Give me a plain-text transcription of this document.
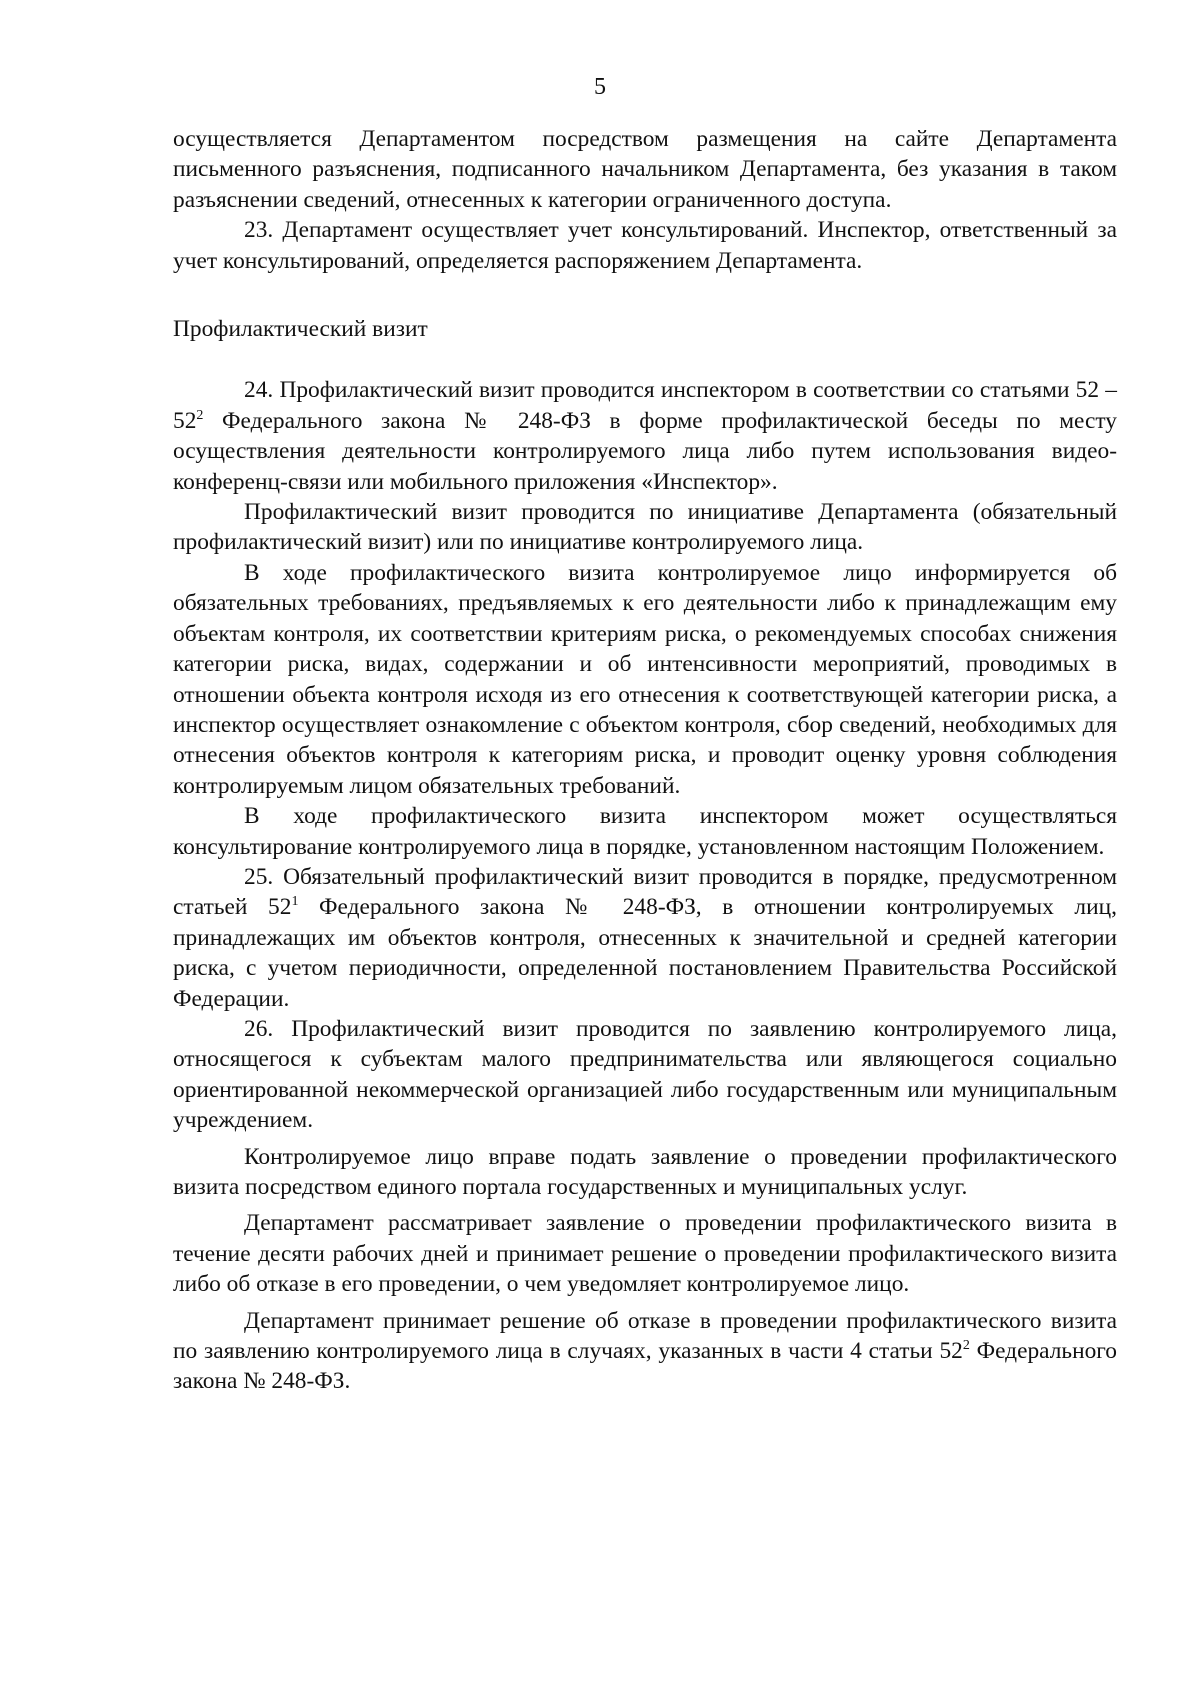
5

осуществляется Департаментом посредством размещения на сайте Департамента письменного разъяснения, подписанного начальником Департамента, без указания в таком разъяснении сведений, отнесенных к категории ограниченного доступа.

23. Департамент осуществляет учет консультирований. Инспектор, ответственный за учет консультирований, определяется распоряжением Департамента.

Профилактический визит

24. Профилактический визит проводится инспектором в соответствии со статьями $52 - 52^2$ Федерального закона № 248-ФЗ в форме профилактической беседы по месту осуществления деятельности контролируемого лица либо путем использования видео-конференц-связи или мобильного приложения «Инспектор».

Профилактический визит проводится по инициативе Департамента (обязательный профилактический визит) или по инициативе контролируемого лица.

В ходе профилактического визита контролируемое лицо информируется об обязательных требованиях, предъявляемых к его деятельности либо к принадлежащим ему объектам контроля, их соответствии критериям риска, о рекомендуемых способах снижения категории риска, видах, содержании и об интенсивности мероприятий, проводимых в отношении объекта контроля исходя из его отнесения к соответствующей категории риска, а инспектор осуществляет ознакомление с объектом контроля, сбор сведений, необходимых для отнесения объектов контроля к категориям риска, и проводит оценку уровня соблюдения контролируемым лицом обязательных требований.

В ходе профилактического визита инспектором может осуществляться консультирование контролируемого лица в порядке, установленном настоящим Положением.

25. Обязательный профилактический визит проводится в порядке, предусмотренном статьей $52^1$ Федерального закона № 248-ФЗ, в отношении контролируемых лиц, принадлежащих им объектов контроля, отнесенных к значительной и средней категории риска, с учетом периодичности, определенной постановлением Правительства Российской Федерации.

26. Профилактический визит проводится по заявлению контролируемого лица, относящегося к субъектам малого предпринимательства или являющегося социально ориентированной некоммерческой организацией либо государственным или муниципальным учреждением.

Контролируемое лицо вправе подать заявление о проведении профилактического визита посредством единого портала государственных и муниципальных услуг.

Департамент рассматривает заявление о проведении профилактического визита в течение десяти рабочих дней и принимает решение о проведении профилактического визита либо об отказе в его проведении, о чем уведомляет контролируемое лицо.

Департамент принимает решение об отказе в проведении профилактического визита по заявлению контролируемого лица в случаях, указанных в части 4 статьи $52^2$ Федерального закона № 248-ФЗ.
